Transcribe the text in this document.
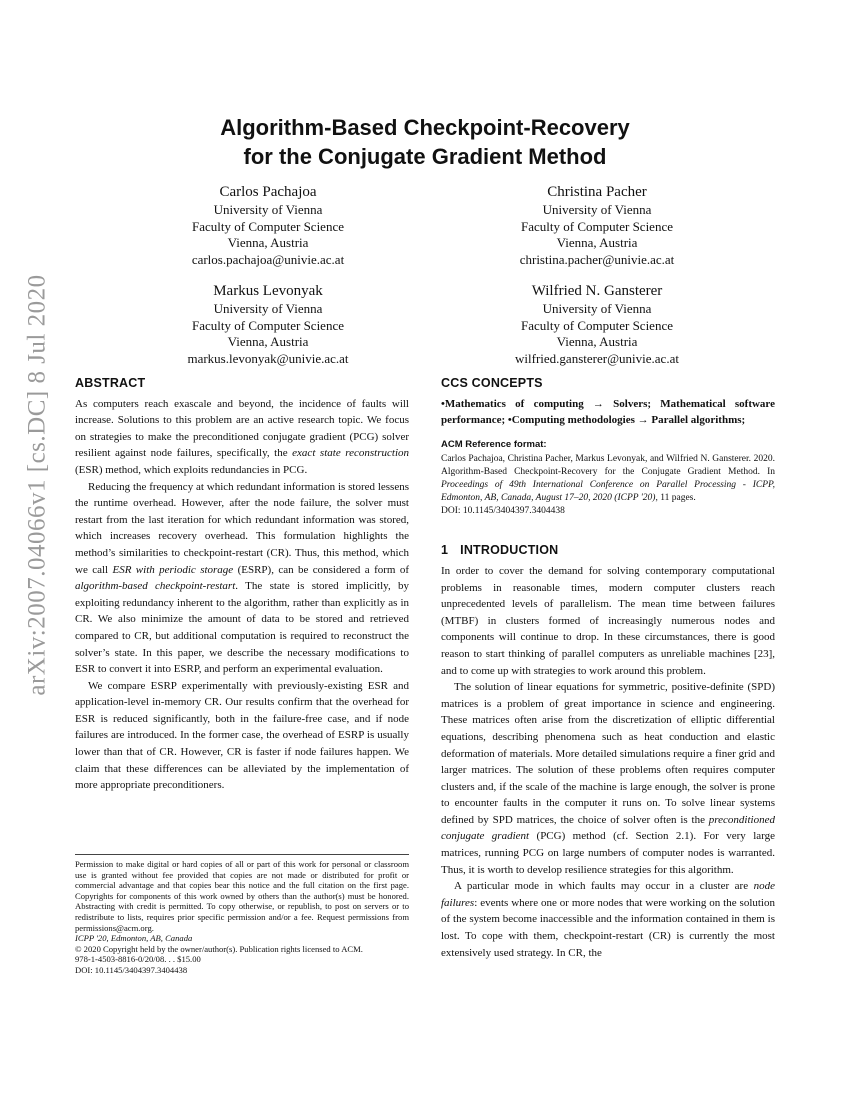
arXiv:2007.04066v1 [cs.DC] 8 Jul 2020
Algorithm-Based Checkpoint-Recovery
for the Conjugate Gradient Method
Carlos Pachajoa
University of Vienna
Faculty of Computer Science
Vienna, Austria
carlos.pachajoa@univie.ac.at
Christina Pacher
University of Vienna
Faculty of Computer Science
Vienna, Austria
christina.pacher@univie.ac.at
Markus Levonyak
University of Vienna
Faculty of Computer Science
Vienna, Austria
markus.levonyak@univie.ac.at
Wilfried N. Gansterer
University of Vienna
Faculty of Computer Science
Vienna, Austria
wilfried.gansterer@univie.ac.at
ABSTRACT

As computers reach exascale and beyond, the incidence of faults will increase. Solutions to this problem are an active research topic. We focus on strategies to make the preconditioned conjugate gradient (PCG) solver resilient against node failures, specifically, the exact state reconstruction (ESR) method, which exploits redundancies in PCG.

Reducing the frequency at which redundant information is stored lessens the runtime overhead. However, after the node failure, the solver must restart from the last iteration for which redundant information was stored, which increases recovery overhead. This formulation highlights the method’s similarities to checkpoint-restart (CR). Thus, this method, which we call ESR with periodic storage (ESRP), can be considered a form of algorithm-based checkpoint-restart. The state is stored implicitly, by exploiting redundancy inherent to the algorithm, rather than explicitly as in CR. We also minimize the amount of data to be stored and retrieved compared to CR, but additional computation is required to reconstruct the solver’s state. In this paper, we describe the necessary modifications to ESR to convert it into ESRP, and perform an experimental evaluation.

We compare ESRP experimentally with previously-existing ESR and application-level in-memory CR. Our results confirm that the overhead for ESR is reduced significantly, both in the failure-free case, and if node failures are introduced. In the former case, the overhead of ESRP is usually lower than that of CR. However, CR is faster if node failures happen. We claim that these differences can be alleviated by the implementation of more appropriate preconditioners.

Permission to make digital or hard copies of all or part of this work for personal or classroom use is granted without fee provided that copies are not made or distributed for profit or commercial advantage and that copies bear this notice and the full citation on the first page. Copyrights for components of this work owned by others than the author(s) must be honored. Abstracting with credit is permitted. To copy otherwise, or republish, to post on servers or to redistribute to lists, requires prior specific permission and/or a fee. Request permissions from permissions@acm.org.
ICPP '20, Edmonton, AB, Canada
© 2020 Copyright held by the owner/author(s). Publication rights licensed to ACM.
978-1-4503-8816-0/20/08. . . $15.00
DOI: 10.1145/3404397.3404438
CCS CONCEPTS
•Mathematics of computing → Solvers; Mathematical software performance; •Computing methodologies → Parallel algorithms;
ACM Reference format:
Carlos Pachajoa, Christina Pacher, Markus Levonyak, and Wilfried N. Gansterer. 2020. Algorithm-Based Checkpoint-Recovery for the Conjugate Gradient Method. In Proceedings of 49th International Conference on Parallel Processing - ICPP, Edmonton, AB, Canada, August 17–20, 2020 (ICPP '20), 11 pages.
DOI: 10.1145/3404397.3404438
1 INTRODUCTION

In order to cover the demand for solving contemporary computational problems in reasonable times, modern computer clusters reach unprecedented levels of parallelism. The mean time between failures (MTBF) in clusters formed of increasingly numerous nodes and components will continue to drop. In these circumstances, there is good reason to start thinking of parallel computers as unreliable machines [23], and to come up with strategies to work around this problem.

The solution of linear equations for symmetric, positive-definite (SPD) matrices is a problem of great importance in science and engineering. These matrices often arise from the discretization of elliptic differential equations, describing phenomena such as heat conduction and elastic deformation of materials. More detailed simulations require a finer grid and larger matrices. The solution of these problems often requires computer clusters and, if the scale of the machine is large enough, the solver is prone to encounter faults in the computer it runs on. To solve linear systems defined by SPD matrices, the choice of solver often is the preconditioned conjugate gradient (PCG) method (cf. Section 2.1). For very large matrices, running PCG on large numbers of computer nodes is warranted. Thus, it is worth to develop resilience strategies for this algorithm.

A particular mode in which faults may occur in a cluster are node failures: events where one or more nodes that were working on the solution of the system become inaccessible and the information contained in them is lost. To cope with them, checkpoint-restart (CR) is currently the most extensively used strategy. In CR, the
